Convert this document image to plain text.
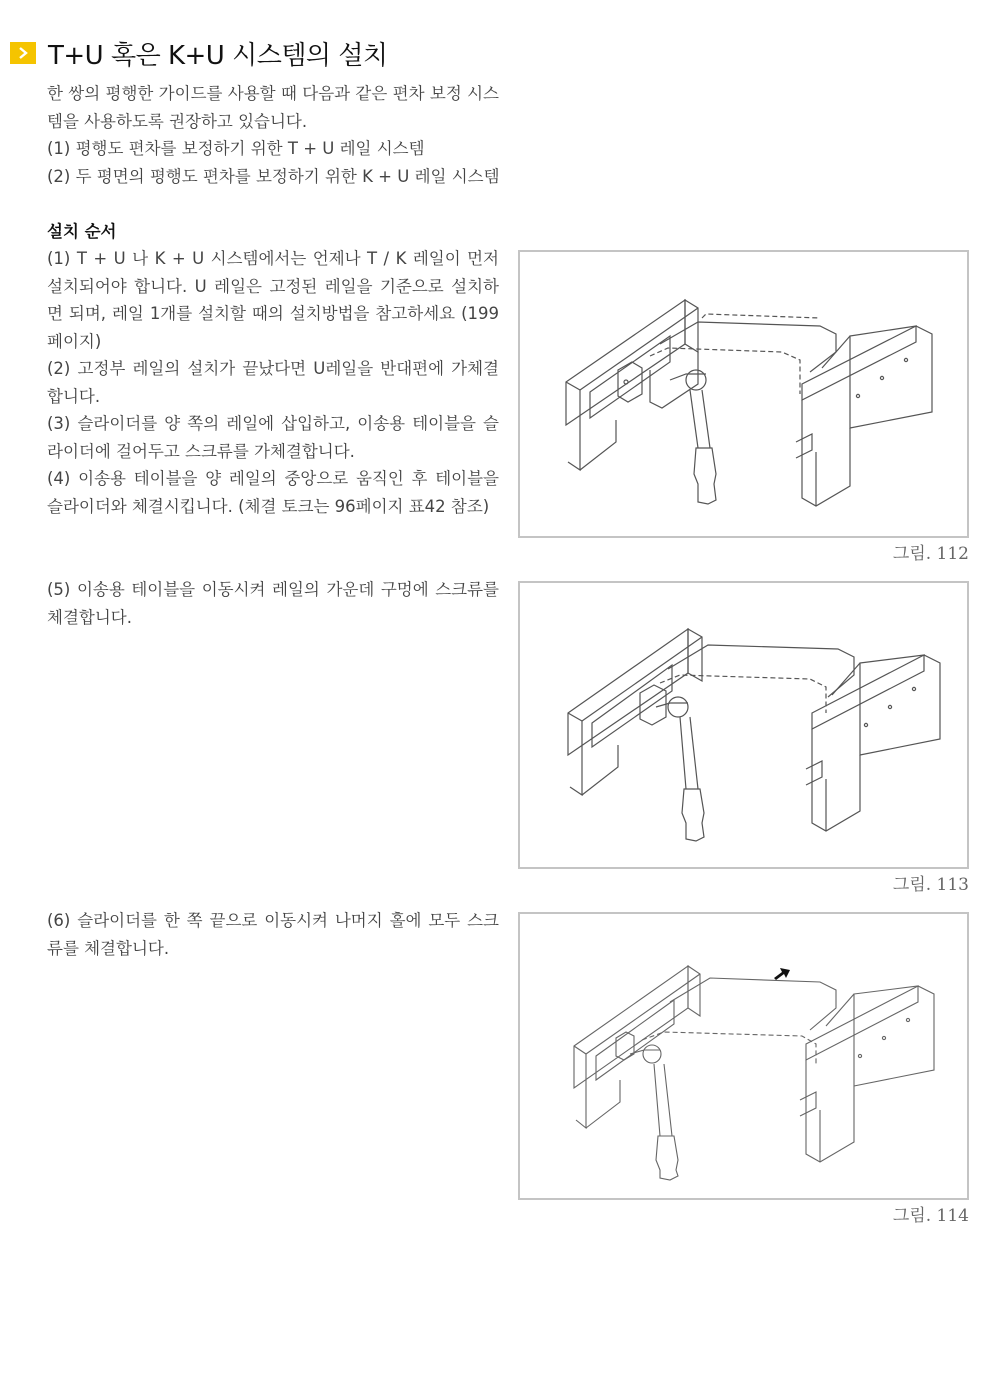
T+U 혹은 K+U 시스템의 설치

한 쌍의 평행한 가이드를 사용할 때 다음과 같은 편차 보정 시스템을 사용하도록 권장하고 있습니다.

(1) 평행도 편차를 보정하기 위한 T + U 레일 시스템

(2) 두 평면의 평행도 편차를 보정하기 위한 K + U 레일 시스템

설치 순서

(1) T + U 나 K + U 시스템에서는 언제나 T / K 레일이 먼저 설치되어야 합니다. U 레일은 고정된 레일을 기준으로 설치하면 되며, 레일 1개를 설치할 때의 설치방법을 참고하세요 (199 페이지)

(2) 고정부 레일의 설치가 끝났다면 U레일을 반대편에 가체결합니다.

(3) 슬라이더를 양 쪽의 레일에 삽입하고, 이송용 테이블을 슬라이더에 걸어두고 스크류를 가체결합니다.

(4) 이송용 테이블을 양 레일의 중앙으로 움직인 후 테이블을 슬라이더와 체결시킵니다. (체결 토크는 96페이지 표42 참조)

(5) 이송용 테이블을 이동시켜 레일의 가운데 구멍에 스크류를 체결합니다.

(6) 슬라이더를 한 쪽 끝으로 이동시켜 나머지 홀에 모두 스크류를 체결합니다.

그림. 112
그림. 113
그림. 114
